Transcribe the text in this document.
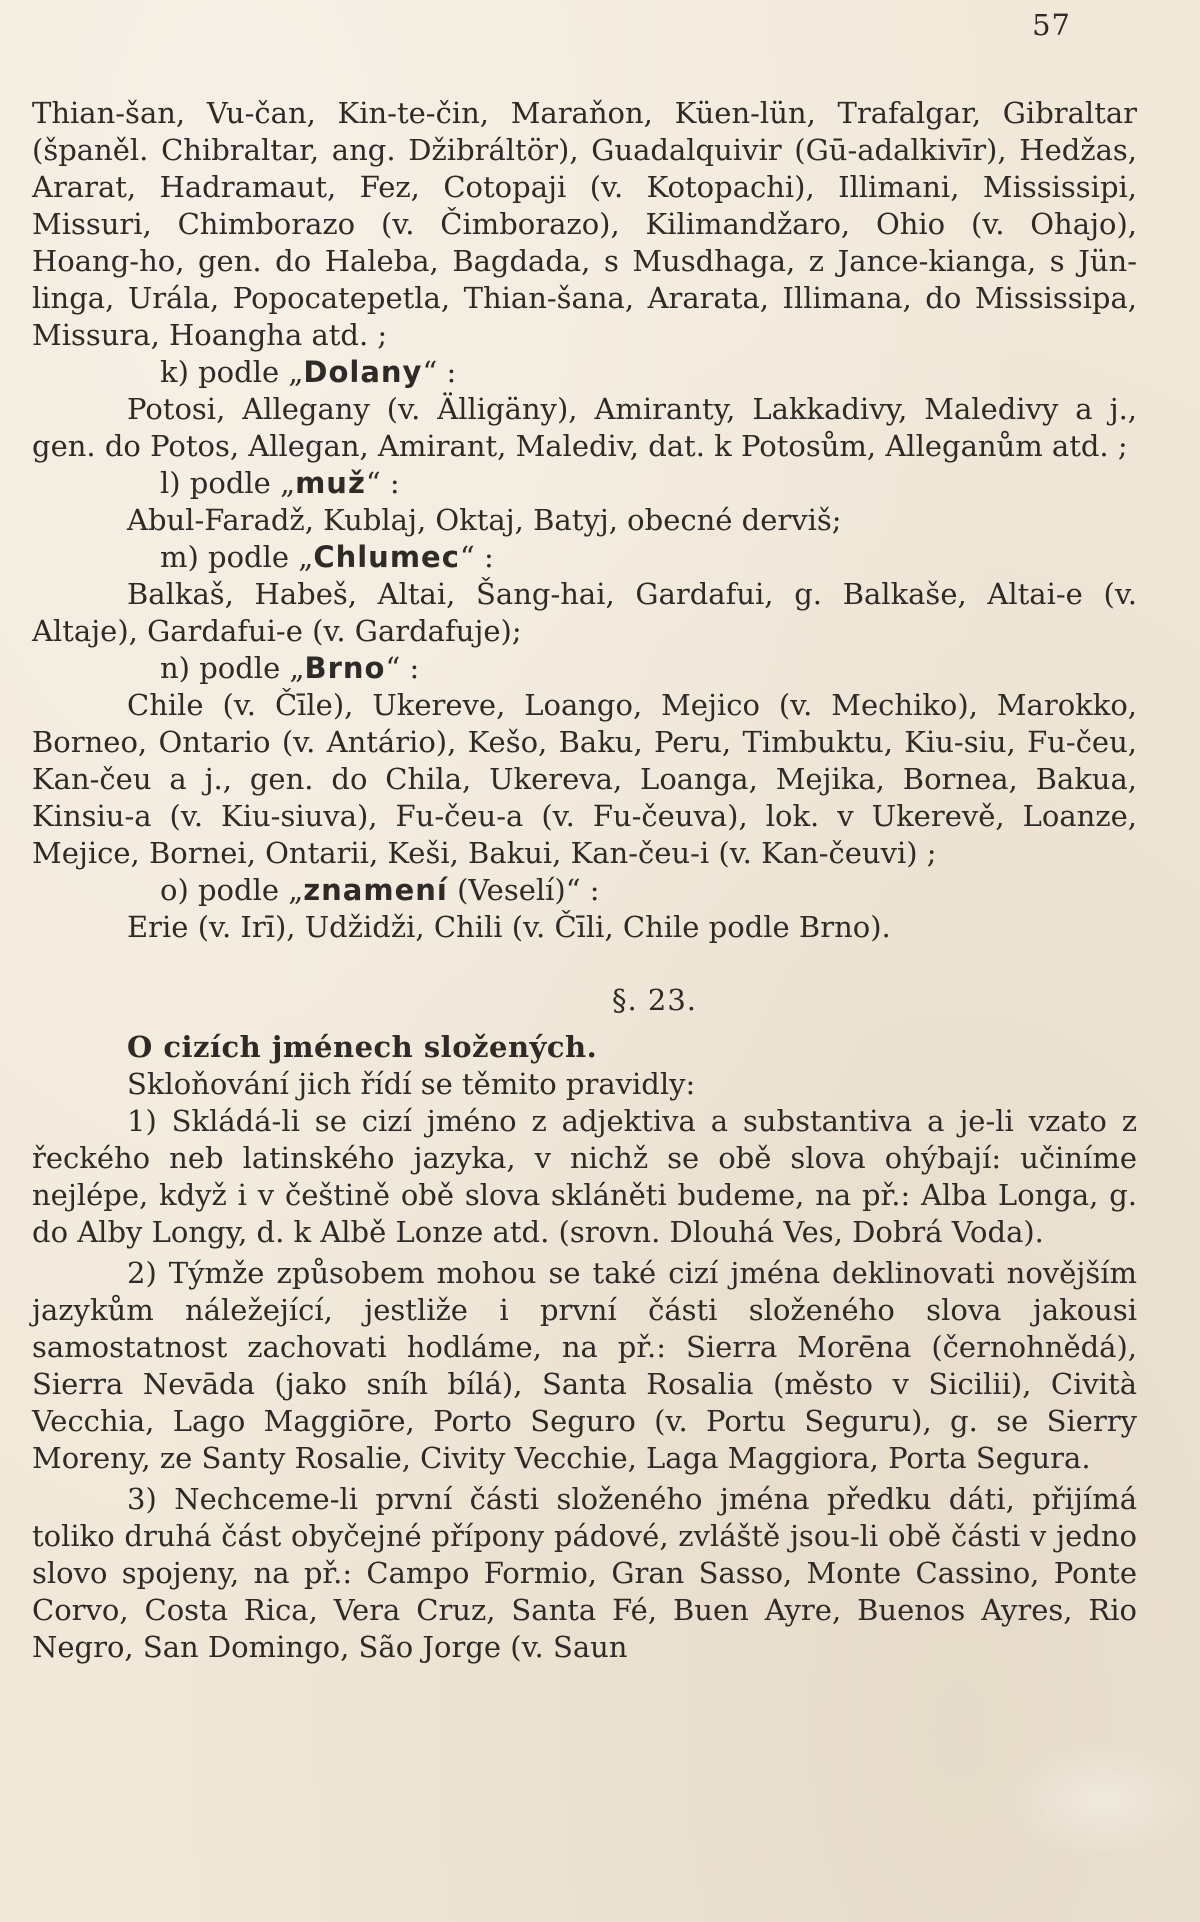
57

Thian-šan, Vu-čan, Kin-te-čin, Maraňon, Küen-lün, Trafalgar, Gibraltar (španěl. Chibraltar, ang. Džibráltör), Guadalquivir (Gū-adalkivīr), Hedžas, Ararat, Hadramaut, Fez, Cotopaji (v. Kotopachi), Illimani, Mississipi, Missuri, Chimborazo (v. Čimborazo), Kilimandžaro, Ohio (v. Ohajo), Hoang-ho, gen. do Haleba, Bagdada, s Musdhaga, z Jance-kianga, s Jün-linga, Urála, Popocatepetla, Thian-šana, Ararata, Illimana, do Mississipa, Missura, Hoangha atd. ;

k) podle „Dolany“ :

Potosi, Allegany (v. Älligäny), Amiranty, Lakkadivy, Maledivy a j., gen. do Potos, Allegan, Amirant, Malediv, dat. k Potosům, Alleganům atd. ;

l) podle „muž“ :

Abul-Faradž, Kublaj, Oktaj, Batyj, obecné derviš;

m) podle „Chlumec“ :

Balkaš, Habeš, Altai, Šang-hai, Gardafui, g. Balkaše, Altai-e (v. Altaje), Gardafui-e (v. Gardafuje);

n) podle „Brno“ :

Chile (v. Čīle), Ukereve, Loango, Mejico (v. Mechiko), Marokko, Borneo, Ontario (v. Antário), Kešo, Baku, Peru, Timbuktu, Kiu-siu, Fu-čeu, Kan-čeu a j., gen. do Chila, Ukereva, Loanga, Mejika, Bornea, Bakua, Kinsiu-a (v. Kiu-siuva), Fu-čeu-a (v. Fu-čeuva), lok. v Ukerevě, Loanze, Mejice, Bornei, Ontarii, Keši, Bakui, Kan-čeu-i (v. Kan-čeuvi) ;

o) podle „znamení (Veselí)“ :

Erie (v. Irī), Udžidži, Chili (v. Čīli, Chile podle Brno).

§. 23.

O cizích jménech složených.

Skloňování jich řídí se těmito pravidly:

1) Skládá-li se cizí jméno z adjektiva a substantiva a je-li vzato z řeckého neb latinského jazyka, v nichž se obě slova ohýbají: učiníme nejlépe, když i v češtině obě slova skláněti budeme, na př.: Alba Longa, g. do Alby Longy, d. k Albě Lonze atd. (srovn. Dlouhá Ves, Dobrá Voda).

2) Týmže způsobem mohou se také cizí jména deklinovati novějším jazykům náležející, jestliže i první části složeného slova jakousi samostatnost zachovati hodláme, na př.: Sierra Morēna (černohnědá), Sierra Nevāda (jako sníh bílá), Santa Rosalia (město v Sicilii), Cività Vecchia, Lago Maggiōre, Porto Seguro (v. Portu Seguru), g. se Sierry Moreny, ze Santy Rosalie, Civity Vecchie, Laga Maggiora, Porta Segura.

3) Nechceme-li první části složeného jména předku dáti, přijímá toliko druhá část obyčejné přípony pádové, zvláště jsou-li obě části v jedno slovo spojeny, na př.: Campo Formio, Gran Sasso, Monte Cassino, Ponte Corvo, Costa Rica, Vera Cruz, Santa Fé, Buen Ayre, Buenos Ayres, Rio Negro, San Domingo, São Jorge (v. Saun
